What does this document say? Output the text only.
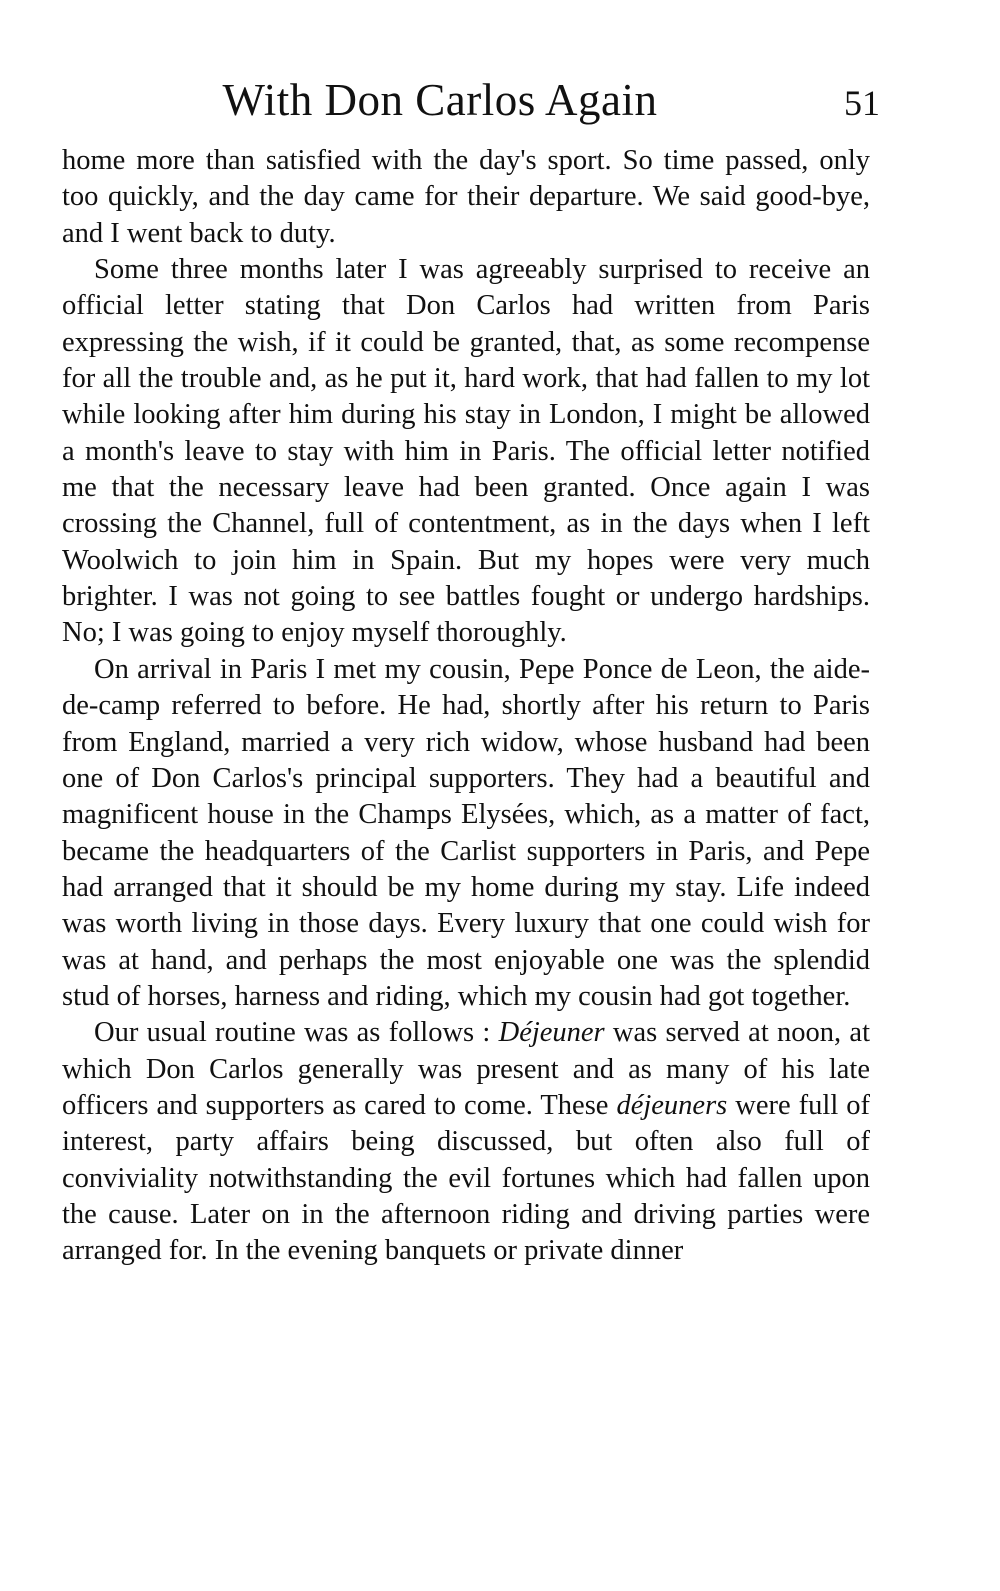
With Don Carlos Again	51

home more than satisfied with the day's sport. So time passed, only too quickly, and the day came for their departure. We said good-bye, and I went back to duty.

Some three months later I was agreeably surprised to receive an official letter stating that Don Carlos had written from Paris expressing the wish, if it could be granted, that, as some recompense for all the trouble and, as he put it, hard work, that had fallen to my lot while looking after him during his stay in London, I might be allowed a month's leave to stay with him in Paris. The official letter notified me that the necessary leave had been granted. Once again I was crossing the Channel, full of contentment, as in the days when I left Woolwich to join him in Spain. But my hopes were very much brighter. I was not going to see battles fought or undergo hardships. No; I was going to enjoy myself thoroughly.

On arrival in Paris I met my cousin, Pepe Ponce de Leon, the aide-de-camp referred to before. He had, shortly after his return to Paris from England, married a very rich widow, whose husband had been one of Don Carlos's principal supporters. They had a beautiful and magnificent house in the Champs Elysées, which, as a matter of fact, became the headquarters of the Carlist supporters in Paris, and Pepe had arranged that it should be my home during my stay. Life indeed was worth living in those days. Every luxury that one could wish for was at hand, and perhaps the most enjoyable one was the splendid stud of horses, harness and riding, which my cousin had got together.

Our usual routine was as follows : Déjeuner was served at noon, at which Don Carlos generally was present and as many of his late officers and supporters as cared to come. These déjeuners were full of interest, party affairs being discussed, but often also full of conviviality notwithstanding the evil fortunes which had fallen upon the cause. Later on in the afternoon riding and driving parties were arranged for. In the evening banquets or private dinner
